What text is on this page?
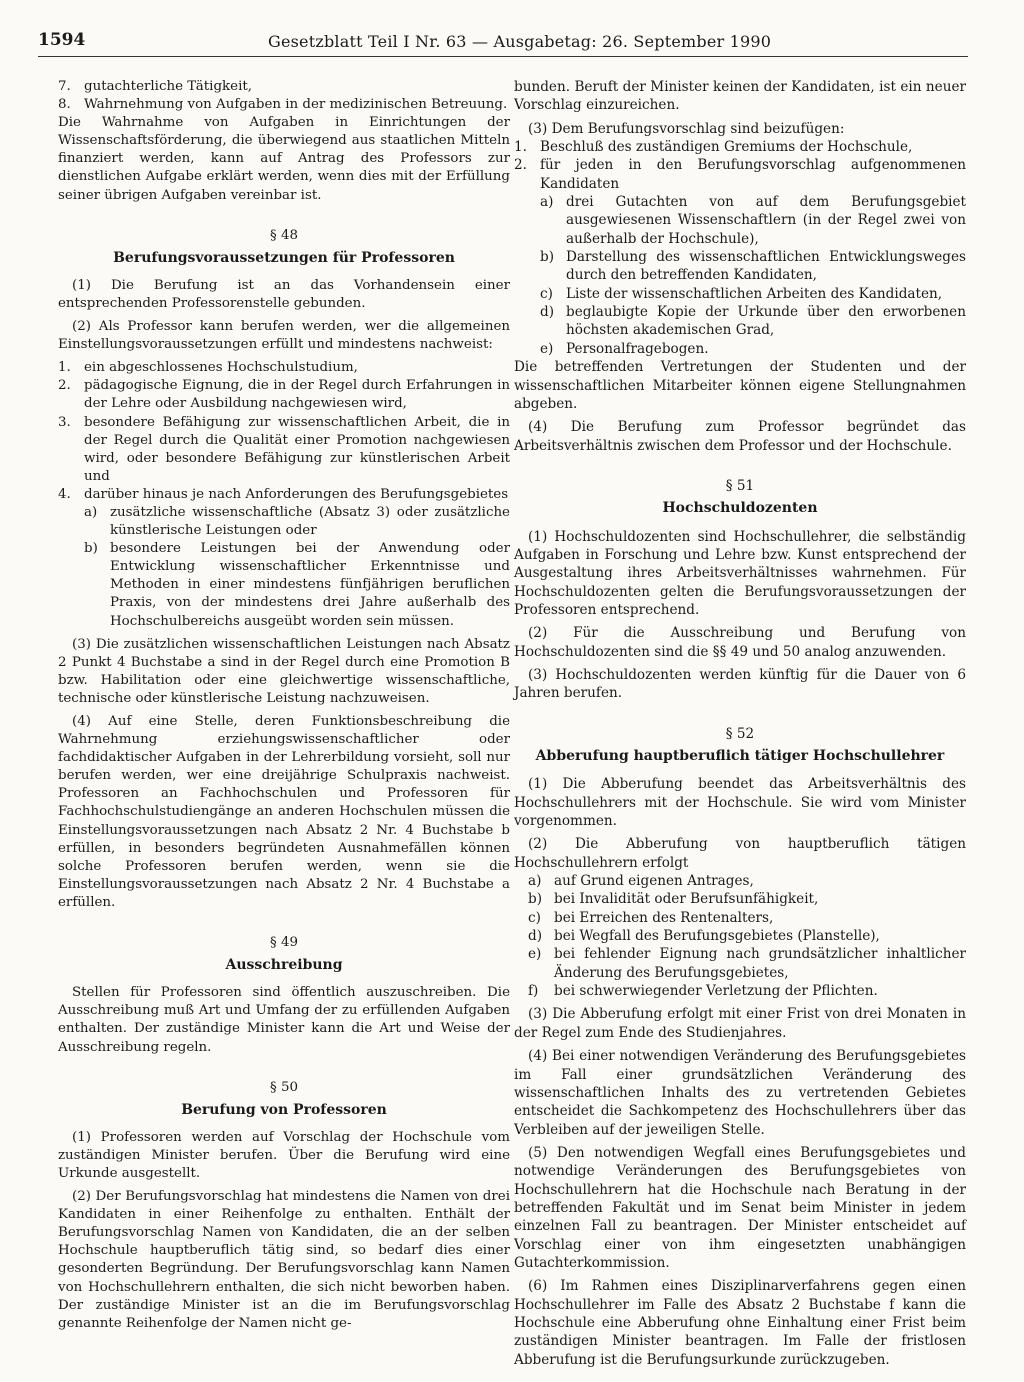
1594	Gesetzblatt Teil I Nr. 63 — Ausgabetag: 26. September 1990
7. gutachterliche Tätigkeit,
8. Wahrnehmung von Aufgaben in der medizinischen Betreuung.

Die Wahrnahme von Aufgaben in Einrichtungen der Wissenschaftsförderung, die überwiegend aus staatlichen Mitteln finanziert werden, kann auf Antrag des Professors zur dienstlichen Aufgabe erklärt werden, wenn dies mit der Erfüllung seiner übrigen Aufgaben vereinbar ist.

§ 48
Berufungsvoraussetzungen für Professoren

(1) Die Berufung ist an das Vorhandensein einer entsprechenden Professorenstelle gebunden.

(2) Als Professor kann berufen werden, wer die allgemeinen Einstellungsvoraussetzungen erfüllt und mindestens nachweist:

1. ein abgeschlossenes Hochschulstudium,
2. pädagogische Eignung, die in der Regel durch Erfahrungen in der Lehre oder Ausbildung nachgewiesen wird,
3. besondere Befähigung zur wissenschaftlichen Arbeit, die in der Regel durch die Qualität einer Promotion nachgewiesen wird, oder besondere Befähigung zur künstlerischen Arbeit und
4. darüber hinaus je nach Anforderungen des Berufungsgebietes
a) zusätzliche wissenschaftliche (Absatz 3) oder zusätzliche künstlerische Leistungen oder
b) besondere Leistungen bei der Anwendung oder Entwicklung wissenschaftlicher Erkenntnisse und Methoden in einer mindestens fünfjährigen beruflichen Praxis, von der mindestens drei Jahre außerhalb des Hochschulbereichs ausgeübt worden sein müssen.

(3) Die zusätzlichen wissenschaftlichen Leistungen nach Absatz 2 Punkt 4 Buchstabe a sind in der Regel durch eine Promotion B bzw. Habilitation oder eine gleichwertige wissenschaftliche, technische oder künstlerische Leistung nachzuweisen.

(4) Auf eine Stelle, deren Funktionsbeschreibung die Wahrnehmung erziehungswissenschaftlicher oder fachdidaktischer Aufgaben in der Lehrerbildung vorsieht, soll nur berufen werden, wer eine dreijährige Schulpraxis nachweist. Professoren an Fachhochschulen und Professoren für Fachhochschulstudiengänge an anderen Hochschulen müssen die Einstellungsvoraussetzungen nach Absatz 2 Nr. 4 Buchstabe b erfüllen, in besonders begründeten Ausnahmefällen können solche Professoren berufen werden, wenn sie die Einstellungsvoraussetzungen nach Absatz 2 Nr. 4 Buchstabe a erfüllen.

§ 49
Ausschreibung

Stellen für Professoren sind öffentlich auszuschreiben. Die Ausschreibung muß Art und Umfang der zu erfüllenden Aufgaben enthalten. Der zuständige Minister kann die Art und Weise der Ausschreibung regeln.

§ 50
Berufung von Professoren

(1) Professoren werden auf Vorschlag der Hochschule vom zuständigen Minister berufen. Über die Berufung wird eine Urkunde ausgestellt.

(2) Der Berufungsvorschlag hat mindestens die Namen von drei Kandidaten in einer Reihenfolge zu enthalten. Enthält der Berufungsvorschlag Namen von Kandidaten, die an der selben Hochschule hauptberuflich tätig sind, so bedarf dies einer gesonderten Begründung. Der Berufungsvorschlag kann Namen von Hochschullehrern enthalten, die sich nicht beworben haben. Der zuständige Minister ist an die im Berufungsvorschlag genannte Reihenfolge der Namen nicht ge-

bunden. Beruft der Minister keinen der Kandidaten, ist ein neuer Vorschlag einzureichen.

(3) Dem Berufungsvorschlag sind beizufügen:

1. Beschluß des zuständigen Gremiums der Hochschule,
2. für jeden in den Berufungsvorschlag aufgenommenen Kandidaten
a) drei Gutachten von auf dem Berufungsgebiet ausgewiesenen Wissenschaftlern (in der Regel zwei von außerhalb der Hochschule),
b) Darstellung des wissenschaftlichen Entwicklungsweges durch den betreffenden Kandidaten,
c) Liste der wissenschaftlichen Arbeiten des Kandidaten,
d) beglaubigte Kopie der Urkunde über den erworbenen höchsten akademischen Grad,
e) Personalfragebogen.

Die betreffenden Vertretungen der Studenten und der wissenschaftlichen Mitarbeiter können eigene Stellungnahmen abgeben.

(4) Die Berufung zum Professor begründet das Arbeitsverhältnis zwischen dem Professor und der Hochschule.

§ 51
Hochschuldozenten

(1) Hochschuldozenten sind Hochschullehrer, die selbständig Aufgaben in Forschung und Lehre bzw. Kunst entsprechend der Ausgestaltung ihres Arbeitsverhältnisses wahrnehmen. Für Hochschuldozenten gelten die Berufungsvoraussetzungen der Professoren entsprechend.

(2) Für die Ausschreibung und Berufung von Hochschuldozenten sind die §§ 49 und 50 analog anzuwenden.

(3) Hochschuldozenten werden künftig für die Dauer von 6 Jahren berufen.

§ 52
Abberufung hauptberuflich tätiger Hochschullehrer

(1) Die Abberufung beendet das Arbeitsverhältnis des Hochschullehrers mit der Hochschule. Sie wird vom Minister vorgenommen.

(2) Die Abberufung von hauptberuflich tätigen Hochschullehrern erfolgt

a) auf Grund eigenen Antrages,
b) bei Invalidität oder Berufsunfähigkeit,
c) bei Erreichen des Rentenalters,
d) bei Wegfall des Berufungsgebietes (Planstelle),
e) bei fehlender Eignung nach grundsätzlicher inhaltlicher Änderung des Berufungsgebietes,
f) bei schwerwiegender Verletzung der Pflichten.

(3) Die Abberufung erfolgt mit einer Frist von drei Monaten in der Regel zum Ende des Studienjahres.

(4) Bei einer notwendigen Veränderung des Berufungsgebietes im Fall einer grundsätzlichen Veränderung des wissenschaftlichen Inhalts des zu vertretenden Gebietes entscheidet die Sachkompetenz des Hochschullehrers über das Verbleiben auf der jeweiligen Stelle.

(5) Den notwendigen Wegfall eines Berufungsgebietes und notwendige Veränderungen des Berufungsgebietes von Hochschullehrern hat die Hochschule nach Beratung in der betreffenden Fakultät und im Senat beim Minister in jedem einzelnen Fall zu beantragen. Der Minister entscheidet auf Vorschlag einer von ihm eingesetzten unabhängigen Gutachterkommission.

(6) Im Rahmen eines Disziplinarverfahrens gegen einen Hochschullehrer im Falle des Absatz 2 Buchstabe f kann die Hochschule eine Abberufung ohne Einhaltung einer Frist beim zuständigen Minister beantragen. Im Falle der fristlosen Abberufung ist die Berufungsurkunde zurückzugeben.
